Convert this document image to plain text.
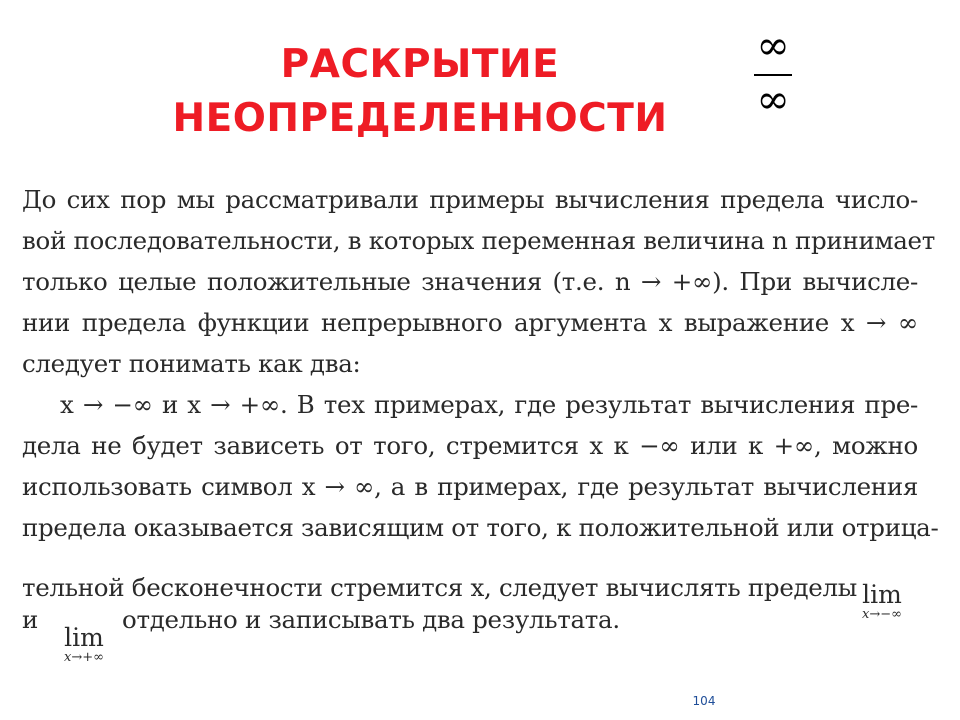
РАСКРЫТИЕ
НЕОПРЕДЕЛЕННОСТИ
∞
∞
До сих пор мы рассматривали примеры вычисления предела число-
вой последовательности, в которых переменная величина n принимает
только целые положительные значения (т.е. n → +∞). При вычисле-
нии предела функции непрерывного аргумента x выражение x → ∞
следует понимать как два:
x → −∞ и x → +∞. В тех примерах, где результат вычисления пре-
дела не будет зависеть от того, стремится x к −∞ или к +∞, можно
использовать символ x → ∞, а в примерах, где результат вычисления
предела оказывается зависящим от того, к положительной или отрица-
тельной бесконечности стремится x, следует вычислять пределы
и	отдельно и записывать два результата.
lim
x→−∞
lim
x→+∞
104
